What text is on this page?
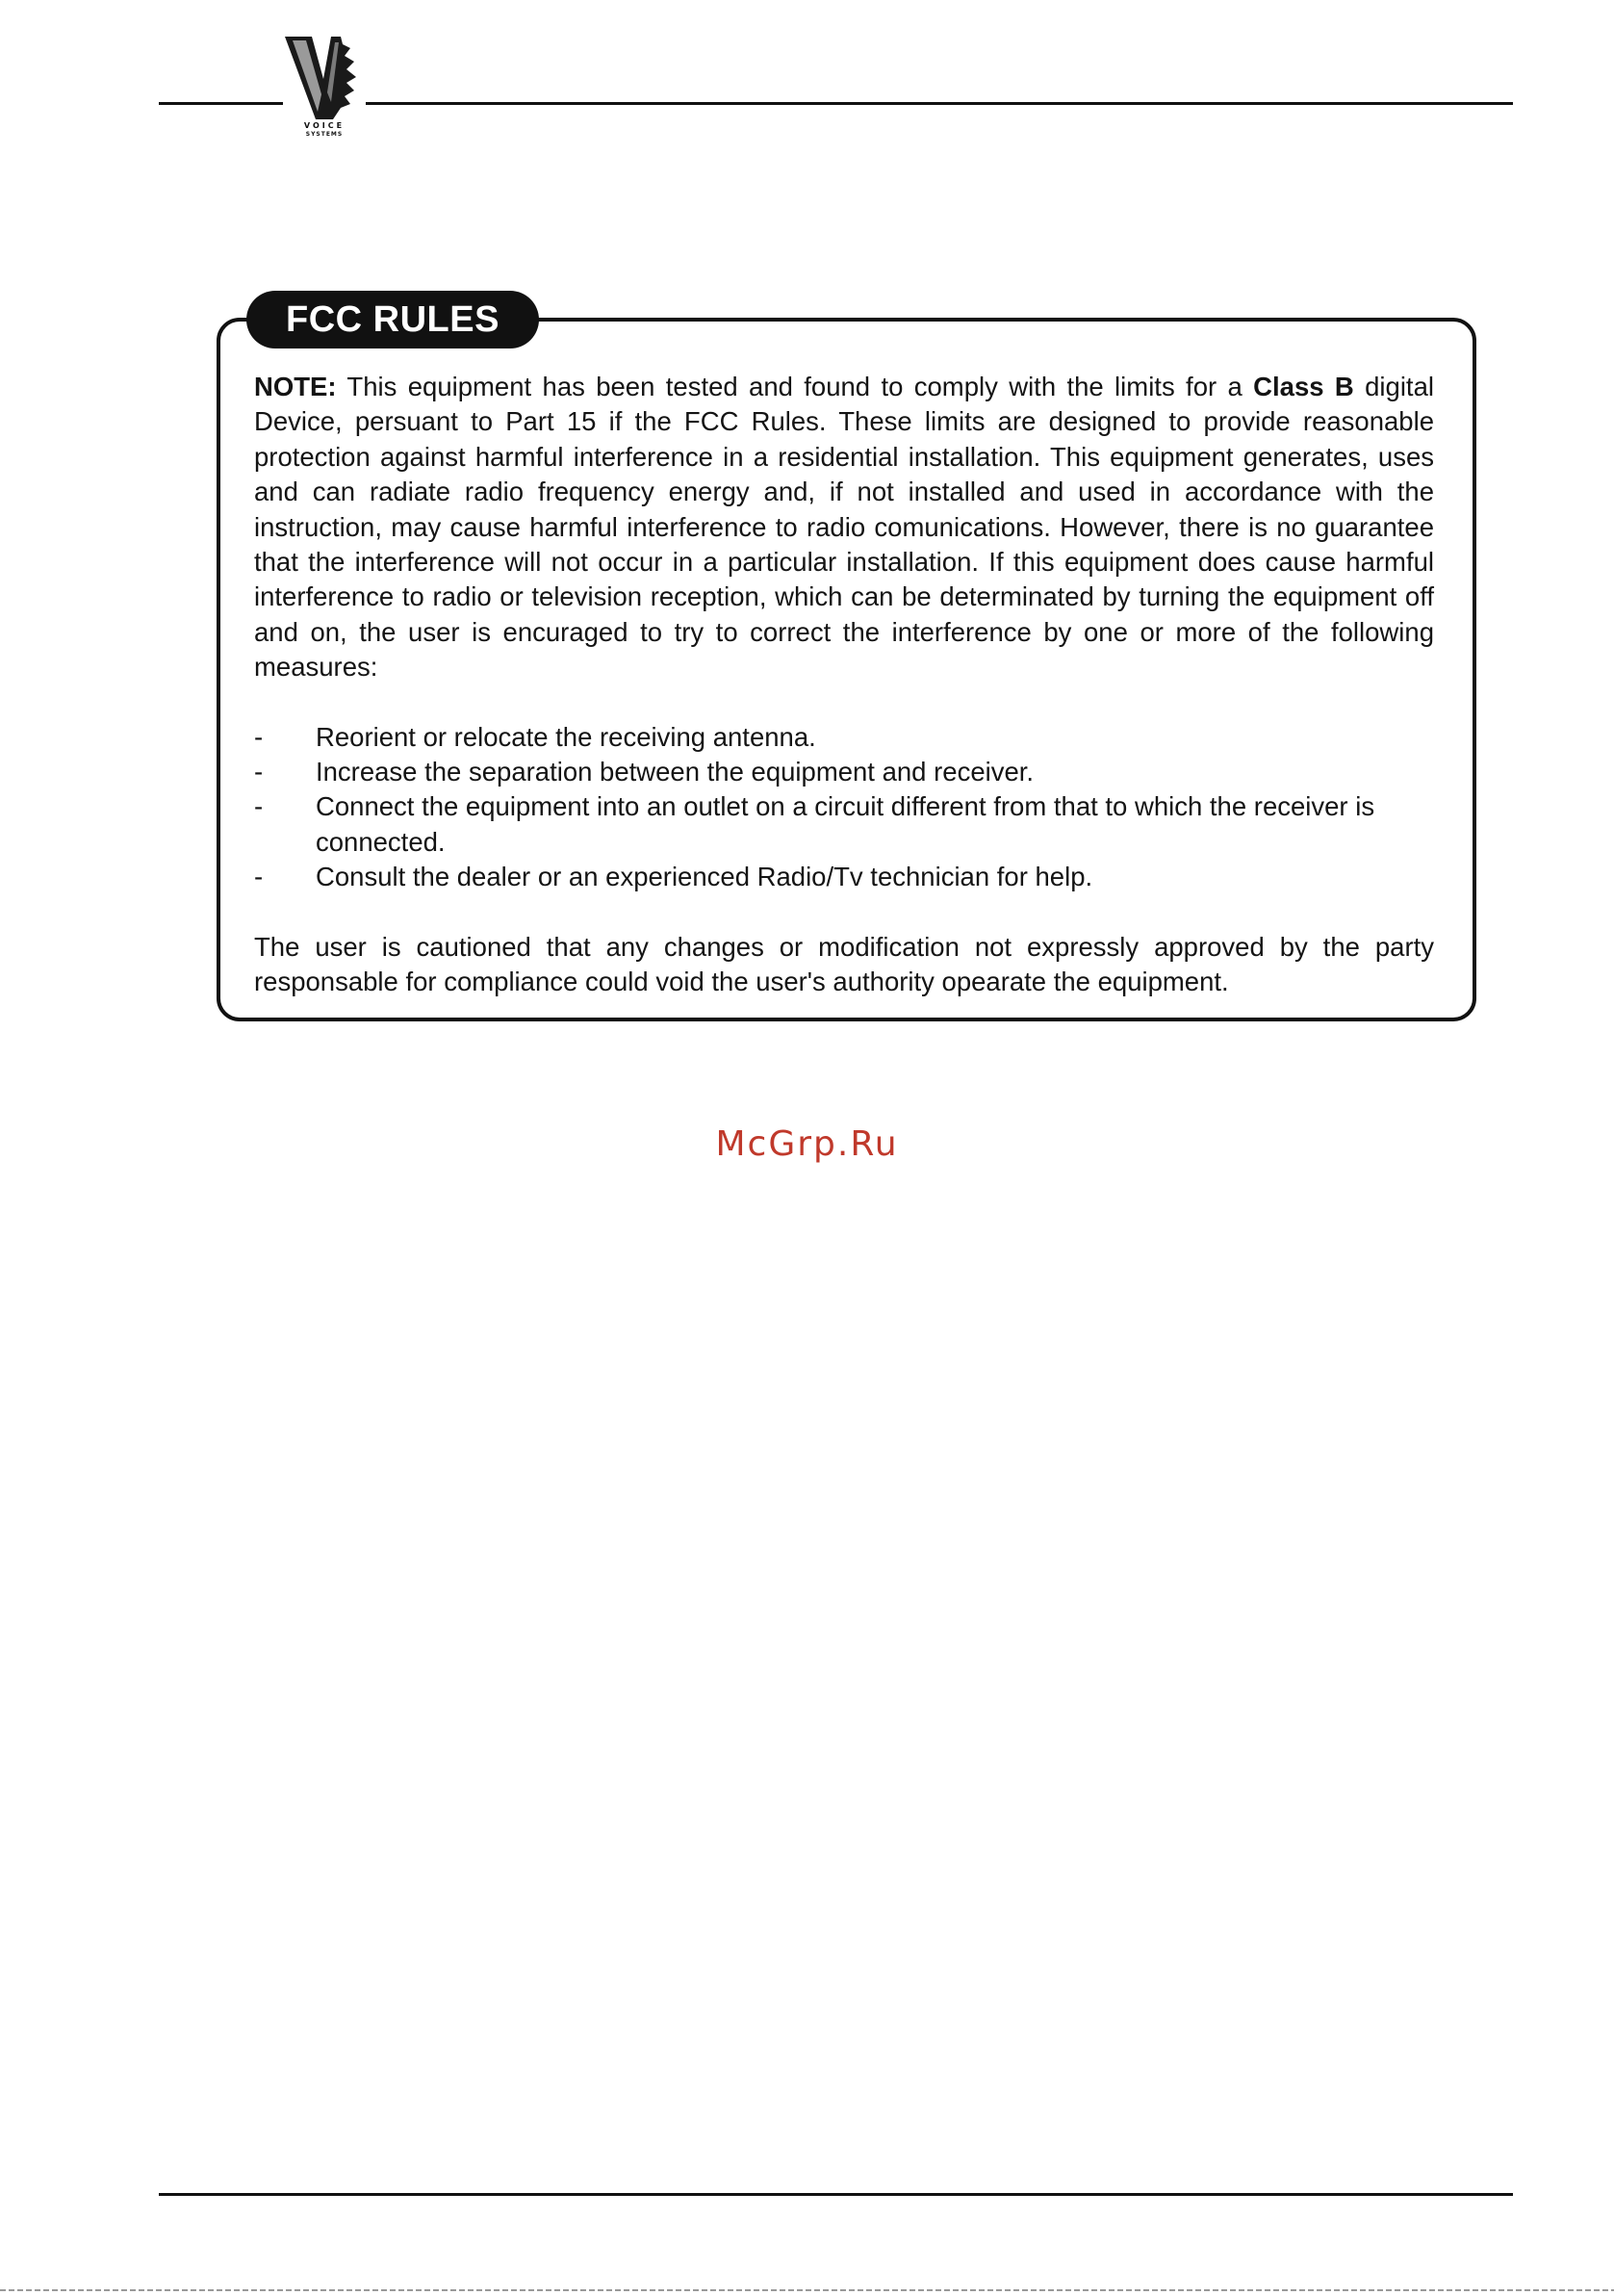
VOICE
SYSTEMS
FCC RULES

NOTE: This equipment has been tested and found to comply with the limits for a Class B digital Device, persuant to Part 15 if the FCC Rules. These limits are designed to provide reasonable protection against harmful interference in a residential installation. This equipment generates, uses and can radiate radio frequency energy and, if not installed and used in accordance with the instruction, may cause harmful interference to radio comunications. However, there is no guarantee that the interference will not occur in a particular installation. If this equipment does cause harmful interference to radio or television reception, which can be determinated by turning the equipment off and on, the user is encuraged to try to correct the interference by one or more of the following measures:

- Reorient or relocate the receiving antenna.
- Increase the separation between the equipment and receiver.
- Connect the equipment into an outlet on a circuit different from that to which the receiver is connected.
- Consult the dealer or an experienced Radio/Tv technician for help.

The user is cautioned that any changes or modification not expressly approved by the party responsable for compliance could void the user's authority opearate the equipment.

McGrp.Ru
